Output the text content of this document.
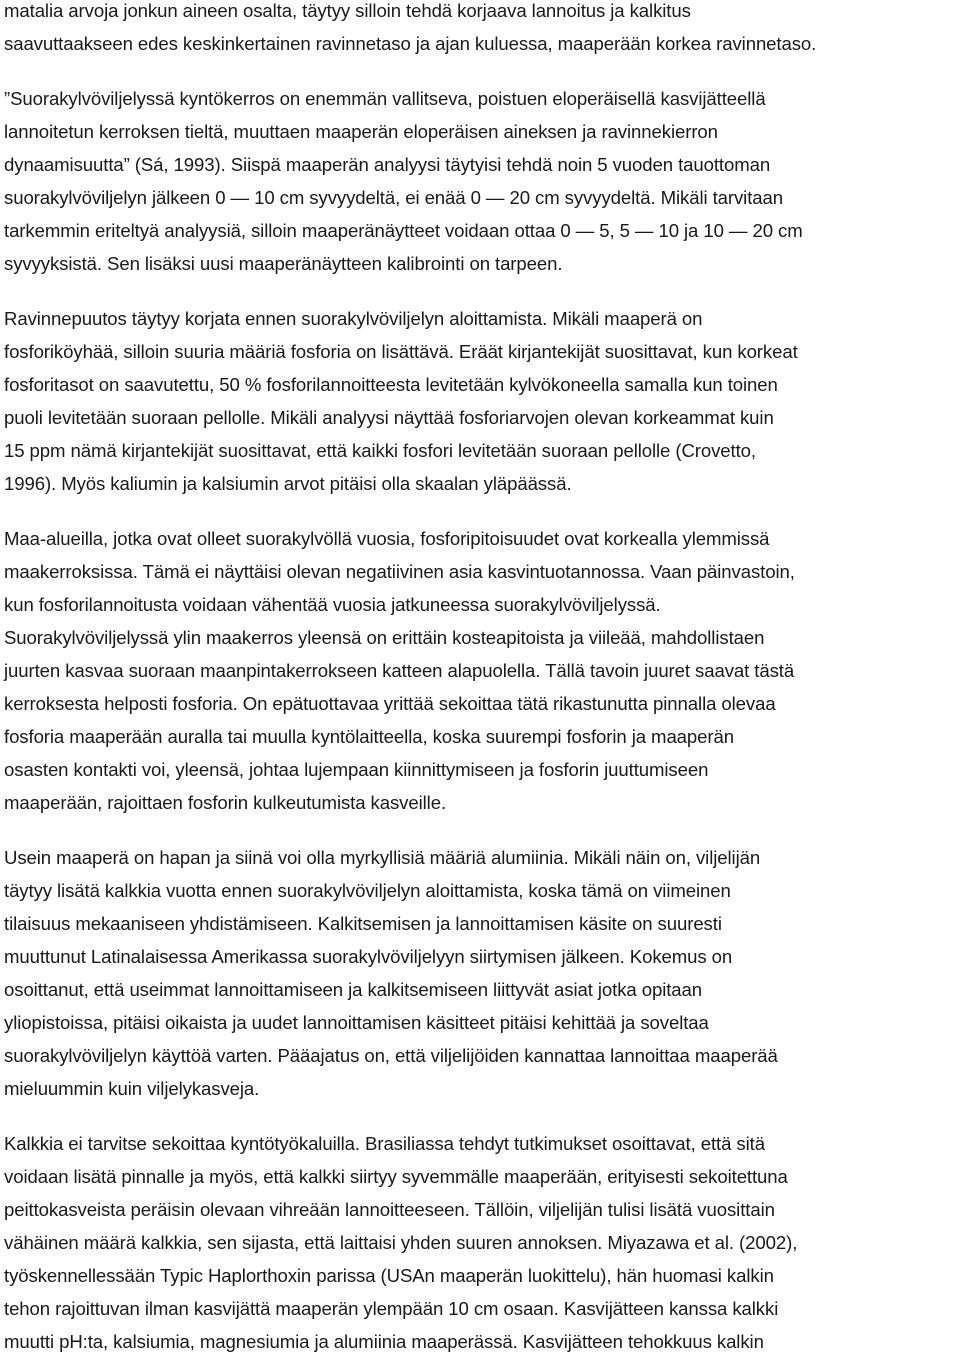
matalia arvoja jonkun aineen osalta, täytyy silloin tehdä korjaava lannoitus ja kalkitus
saavuttaakseen edes keskinkertainen ravinnetaso ja ajan kuluessa, maaperään korkea ravinnetaso.
”Suorakylvöviljelyssä kyntökerros on enemmän vallitseva, poistuen eloperäisellä kasvijätteellä
lannoitetun kerroksen tieltä, muuttaen maaperän eloperäisen aineksen ja ravinnekierron
dynaamisuutta” (Sá, 1993). Siispä maaperän analyysi täytyisi tehdä noin 5 vuoden tauottoman
suorakylvöviljelyn jälkeen 0 — 10 cm syvyydeltä, ei enää 0 — 20 cm syvyydeltä. Mikäli tarvitaan
tarkemmin eriteltyä analyysiä, silloin maaperänäytteet voidaan ottaa 0 — 5, 5 — 10 ja 10 — 20 cm
syvyyksistä. Sen lisäksi uusi maaperänäytteen kalibrointi on tarpeen.
Ravinnepuutos täytyy korjata ennen suorakylvöviljelyn aloittamista. Mikäli maaperä on
fosforiköyhää, silloin suuria määriä fosforia on lisättävä. Eräät kirjantekijät suosittavat, kun korkeat
fosforitasot on saavutettu, 50 % fosforilannoitteesta levitetään kylvökoneella samalla kun toinen
puoli levitetään suoraan pellolle. Mikäli analyysi näyttää fosforiarvojen olevan korkeammat kuin
15 ppm nämä kirjantekijät suosittavat, että kaikki fosfori levitetään suoraan pellolle (Crovetto,
1996). Myös kaliumin ja kalsiumin arvot pitäisi olla skaalan yläpäässä.
Maa-alueilla, jotka ovat olleet suorakylvöllä vuosia, fosforipitoisuudet ovat korkealla ylemmissä
maakerroksissa. Tämä ei näyttäisi olevan negatiivinen asia kasvintuotannossa. Vaan päinvastoin,
kun fosforilannoitusta voidaan vähentää vuosia jatkuneessa suorakylvöviljelyssä.
Suorakylvöviljelyssä ylin maakerros yleensä on erittäin kosteapitoista ja viileää, mahdollistaen
juurten kasvaa suoraan maanpintakerrokseen katteen alapuolella. Tällä tavoin juuret saavat tästä
kerroksesta helposti fosforia. On epätuottavaa yrittää sekoittaa tätä rikastunutta pinnalla olevaa
fosforia maaperään auralla tai muulla kyntölaitteella, koska suurempi fosforin ja maaperän
osasten kontakti voi, yleensä, johtaa lujempaan kiinnittymiseen ja fosforin juuttumiseen
maaperään, rajoittaen fosforin kulkeutumista kasveille.
Usein maaperä on hapan ja siinä voi olla myrkyllisiä määriä alumiinia. Mikäli näin on, viljelijän
täytyy lisätä kalkkia vuotta ennen suorakylvöviljelyn aloittamista, koska tämä on viimeinen
tilaisuus mekaaniseen yhdistämiseen. Kalkitsemisen ja lannoittamisen käsite on suuresti
muuttunut Latinalaisessa Amerikassa suorakylvöviljelyyn siirtymisen jälkeen. Kokemus on
osoittanut, että useimmat lannoittamiseen ja kalkitsemiseen liittyvät asiat jotka opitaan
yliopistoissa, pitäisi oikaista ja uudet lannoittamisen käsitteet pitäisi kehittää ja soveltaa
suorakylvöviljelyn käyttöä varten. Pääajatus on, että viljelijöiden kannattaa lannoittaa maaperää
mieluummin kuin viljelykasveja.
Kalkkia ei tarvitse sekoittaa kyntötyökaluilla. Brasiliassa tehdyt tutkimukset osoittavat, että sitä
voidaan lisätä pinnalle ja myös, että kalkki siirtyy syvemmälle maaperään, erityisesti sekoitettuna
peittokasveista peräisin olevaan vihreään lannoitteeseen. Tällöin, viljelijän tulisi lisätä vuosittain
vähäinen määrä kalkkia, sen sijasta, että laittaisi yhden suuren annoksen. Miyazawa et al. (2002),
työskennellessään Typic Haplorthoxin parissa (USAn maaperän luokittelu), hän huomasi kalkin
tehon rajoittuvan ilman kasvijättä maaperän ylempään 10 cm osaan. Kasvijätteen kanssa kalkki
muutti pH:ta, kalsiumia, magnesiumia ja alumiinia maaperässä. Kasvijätteen tehokkuus kalkin
